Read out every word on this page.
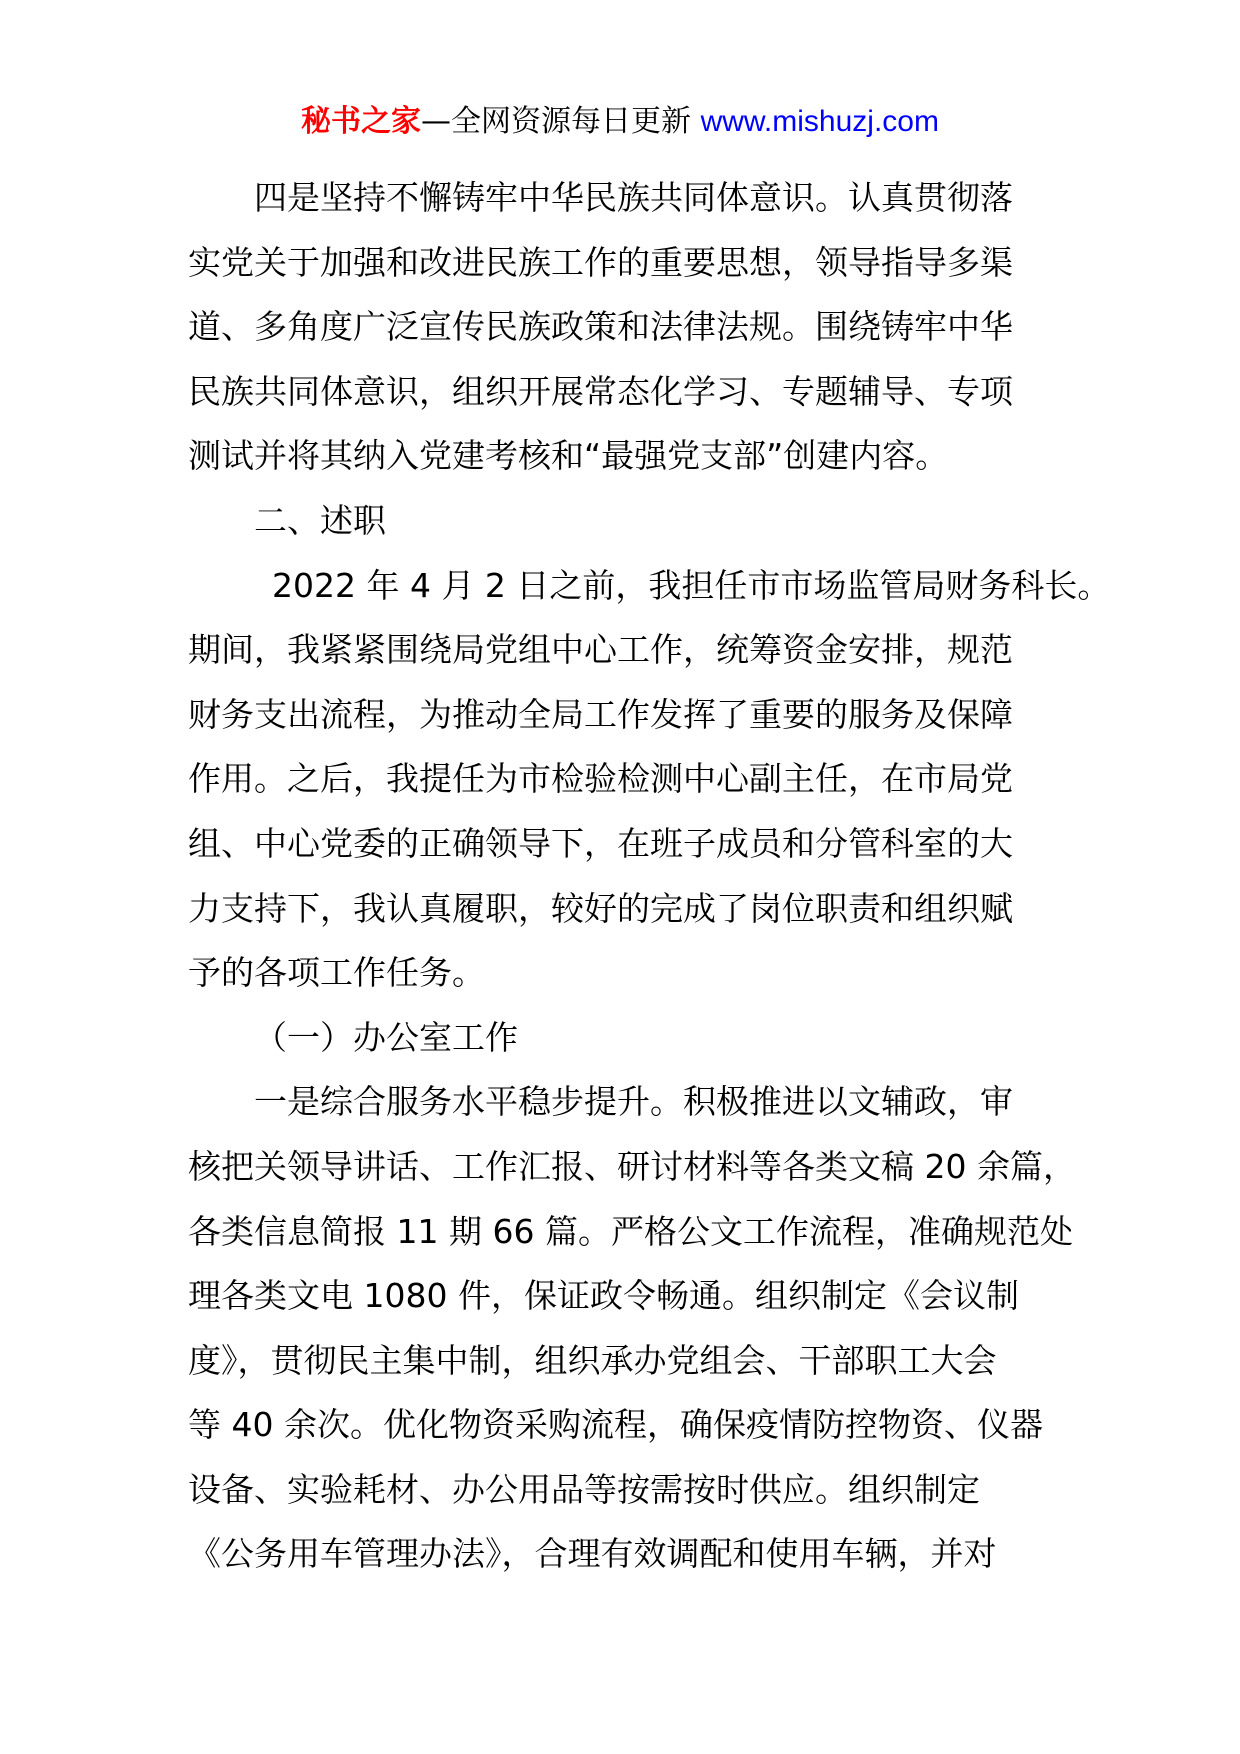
秘书之家—全网资源每日更新 www.mishuzj.com
四是坚持不懈铸牢中华民族共同体意识。认真贯彻落
实党关于加强和改进民族工作的重要思想，领导指导多渠
道、多角度广泛宣传民族政策和法律法规。围绕铸牢中华
民族共同体意识，组织开展常态化学习、专题辅导、专项
测试并将其纳入党建考核和“最强党支部”创建内容。
二、述职
2022 年 4 月 2 日之前，我担任市市场监管局财务科长。
期间，我紧紧围绕局党组中心工作，统筹资金安排，规范
财务支出流程，为推动全局工作发挥了重要的服务及保障
作用。之后，我提任为市检验检测中心副主任，在市局党
组、中心党委的正确领导下，在班子成员和分管科室的大
力支持下，我认真履职，较好的完成了岗位职责和组织赋
予的各项工作任务。
（一）办公室工作
一是综合服务水平稳步提升。积极推进以文辅政，审
核把关领导讲话、工作汇报、研讨材料等各类文稿 20 余篇，
各类信息简报 11 期 66 篇。严格公文工作流程，准确规范处
理各类文电 1080 件，保证政令畅通。组织制定《会议制
度》，贯彻民主集中制，组织承办党组会、干部职工大会
等 40 余次。优化物资采购流程，确保疫情防控物资、仪器
设备、实验耗材、办公用品等按需按时供应。组织制定
《公务用车管理办法》，合理有效调配和使用车辆，并对
